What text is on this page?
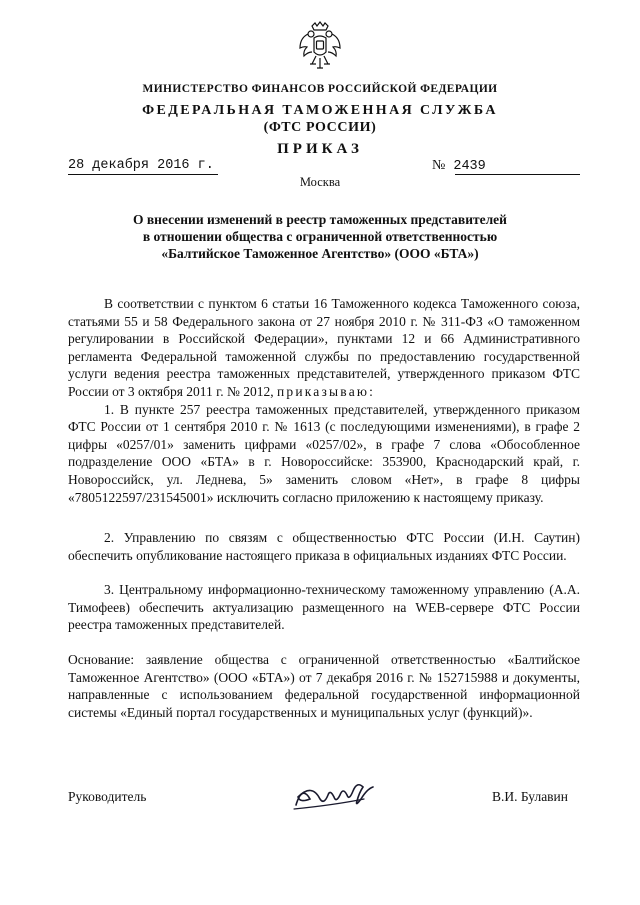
МИНИСТЕРСТВО ФИНАНСОВ РОССИЙСКОЙ ФЕДЕРАЦИИ
ФЕДЕРАЛЬНАЯ ТАМОЖЕННАЯ СЛУЖБА
(ФТС РОССИИ)
ПРИКАЗ
28 декабря 2016 г.	№ 2439
Москва
О внесении изменений в реестр таможенных представителей
в отношении общества с ограниченной ответственностью
«Балтийское Таможенное Агентство» (ООО «БТА»)
В соответствии с пунктом 6 статьи 16 Таможенного кодекса Таможенного союза, статьями 55 и 58 Федерального закона от 27 ноября 2010 г. № 311-ФЗ «О таможенном регулировании в Российской Федерации», пунктами 12 и 66 Административного регламента Федеральной таможенной службы по предоставлению государственной услуги ведения реестра таможенных представителей, утвержденного приказом ФТС России от 3 октября 2011 г. № 2012, приказываю:
1. В пункте 257 реестра таможенных представителей, утвержденного приказом ФТС России от 1 сентября 2010 г. № 1613 (с последующими изменениями), в графе 2 цифры «0257/01» заменить цифрами «0257/02», в графе 7 слова «Обособленное подразделение ООО «БТА» в г. Новороссийске: 353900, Краснодарский край, г. Новороссийск, ул. Леднева, 5» заменить словом «Нет», в графе 8 цифры «7805122597/231545001» исключить согласно приложению к настоящему приказу.
2. Управлению по связям с общественностью ФТС России (И.Н. Саутин) обеспечить опубликование настоящего приказа в официальных изданиях ФТС России.
3. Центральному информационно-техническому таможенному управлению (А.А. Тимофеев) обеспечить актуализацию размещенного на WEB-сервере ФТС России реестра таможенных представителей.
Основание: заявление общества с ограниченной ответственностью «Балтийское Таможенное Агентство» (ООО «БТА») от 7 декабря 2016 г. № 152715988 и документы, направленные с использованием федеральной государственной информационной системы «Единый портал государственных и муниципальных услуг (функций)».
Руководитель	В.И. Булавин
